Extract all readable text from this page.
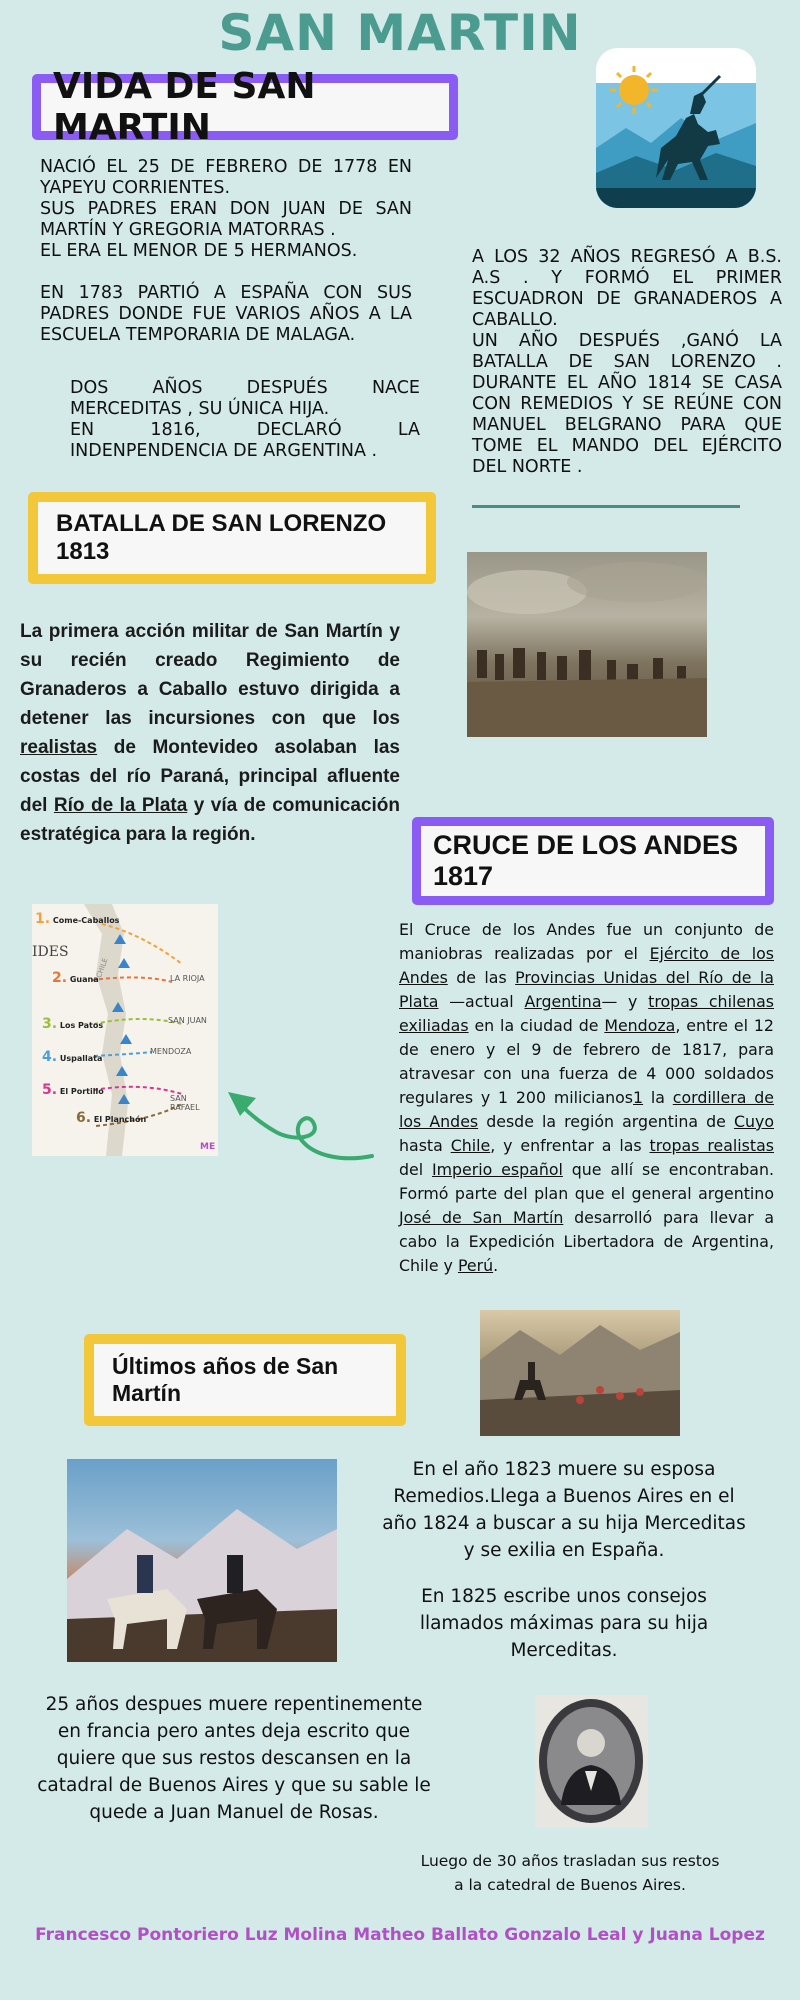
SAN MARTIN
VIDA DE SAN MARTIN
NACIÓ EL 25 DE FEBRERO DE 1778 EN YAPEYU CORRIENTES.
SUS PADRES ERAN DON JUAN DE SAN MARTÍN Y GREGORIA MATORRAS .
EL ERA EL MENOR DE 5 HERMANOS.
EN 1783 PARTIÓ A ESPAÑA CON SUS PADRES DONDE FUE VARIOS AÑOS A LA ESCUELA TEMPORARIA DE MALAGA.
DOS AÑOS DESPUÉS NACE MERCEDITAS , SU ÚNICA HIJA.
EN 1816, DECLARÓ LA INDENPENDENCIA DE ARGENTINA .
A LOS 32 AÑOS REGRESÓ A B.S. A.S . Y FORMÓ EL PRIMER ESCUADRON DE GRANADEROS A CABALLO.
UN AÑO DESPUÉS ,GANÓ LA BATALLA DE SAN LORENZO . DURANTE EL AÑO 1814 SE CASA CON REMEDIOS Y SE REÚNE CON MANUEL BELGRANO PARA QUE TOME EL MANDO DEL EJÉRCITO DEL NORTE .
BATALLA DE SAN LORENZO 1813
La primera acción militar de San Martín y su recién creado Regimiento de Granaderos a Caballo estuvo dirigida a detener las incursiones con que los realistas de Montevideo asolaban las costas del río Paraná, principal afluente del Río de la Plata y vía de comunicación estratégica para la región.	CRUCE DE LOS ANDES 1817
1. Come-Caballos
IDES
2. Guana
3. Los Patos
4. Uspallata
5. El Portillo
6. El Planchón
LA RIOJA
SAN JUAN
MENDOZA
SAN RAFAEL
CHILE
ME
El Cruce de los Andes fue un conjunto de maniobras realizadas por el Ejército de los Andes de las Provincias Unidas del Río de la Plata —actual Argentina— y tropas chilenas exiliadas en la ciudad de Mendoza, entre el 12 de enero y el 9 de febrero de 1817, para atravesar con una fuerza de 4 000 soldados regulares y 1 200 milicianos1 la cordillera de los Andes desde la región argentina de Cuyo hasta Chile, y enfrentar a las tropas realistas del Imperio español que allí se encontraban. Formó parte del plan que el general argentino José de San Martín desarrolló para llevar a cabo la Expedición Libertadora de Argentina, Chile y Perú.
Últimos años de San Martín
En el año 1823 muere su esposa Remedios.Llega a Buenos Aires en el año 1824 a buscar a su hija Merceditas y se exilia en España.
En 1825 escribe unos consejos llamados máximas para su hija Merceditas.
25 años despues muere repentinemente en francia pero antes deja escrito que quiere que sus restos descansen en la catadral de Buenos Aires y que su sable le quede a Juan Manuel de Rosas.
Luego de 30 años trasladan sus restos a la catedral de Buenos Aires.
Francesco Pontoriero Luz Molina Matheo Ballato Gonzalo Leal y Juana Lopez
